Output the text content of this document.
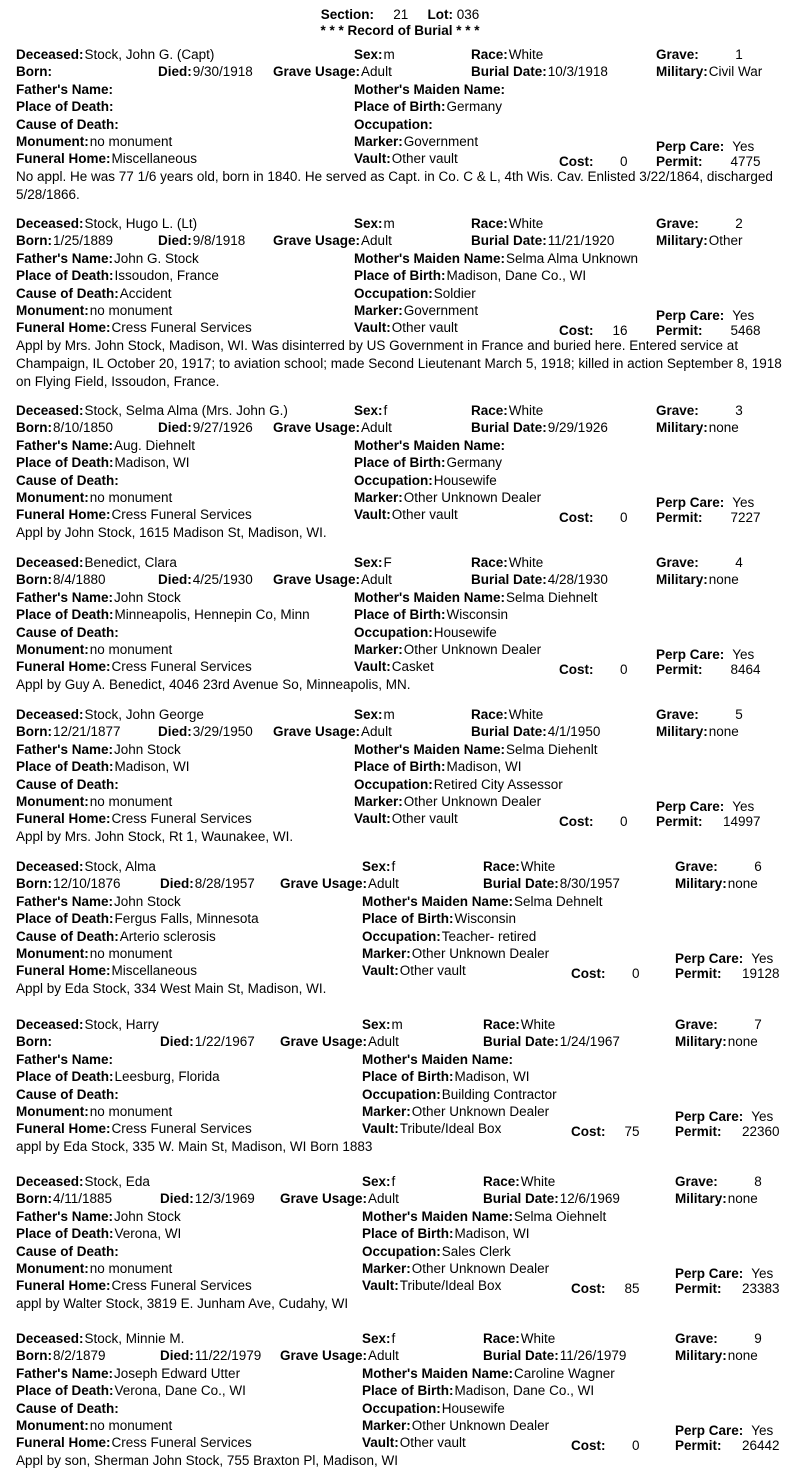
Section: 21 Lot: 036
* * * Record of Burial * * *
Deceased:Stock, John G. (Capt)	Sex:m	Race:White	Grave:	1
Born:	Died:9/30/1918 Grave Usage:Adult	Burial Date:10/3/1918	Military:Civil War
Father's Name:	Mother's Maiden Name:
Place of Death:	Place of Birth:Germany
Cause of Death:	Occupation:
Monument:no monument	Marker:Government	Perp Care: Yes
Funeral Home:Miscellaneous	Vault:Other vault	Cost: 0 Permit: 4775
No appl. He was 77 1/6 years old, born in 1840. He served as Capt. in Co. C & L, 4th Wis. Cav. Enlisted 3/22/1864, discharged 5/28/1866.
Deceased:Stock, Hugo L. (Lt)	Sex:m	Race:White	Grave:	2
Born:1/25/1889	Died:9/8/1918 Grave Usage:Adult	Burial Date:11/21/1920	Military:Other
Father's Name:John G. Stock	Mother's Maiden Name:Selma Alma Unknown
Place of Death:Issoudon, France	Place of Birth:Madison, Dane Co., WI
Cause of Death:Accident	Occupation:Soldier
Monument:no monument	Marker:Government	Perp Care: Yes
Funeral Home:Cress Funeral Services	Vault:Other vault	Cost: 16 Permit: 5468
Appl by Mrs. John Stock, Madison, WI. Was disinterred by US Government in France and buried here. Entered service at Champaign, IL October 20, 1917; to aviation school; made Second Lieutenant March 5, 1918; killed in action September 8, 1918 on Flying Field, Issoudon, France.
Deceased:Stock, Selma Alma (Mrs. John G.)	Sex:f	Race:White	Grave:	3
Born:8/10/1850	Died:9/27/1926 Grave Usage:Adult	Burial Date:9/29/1926	Military:none
Father's Name:Aug. Diehnelt	Mother's Maiden Name:
Place of Death:Madison, WI	Place of Birth:Germany
Cause of Death:	Occupation:Housewife
Monument:no monument	Marker:Other Unknown Dealer	Perp Care: Yes
Funeral Home:Cress Funeral Services	Vault:Other vault	Cost: 0 Permit: 7227
Appl by John Stock, 1615 Madison St, Madison, WI.
Deceased:Benedict, Clara	Sex:F	Race:White	Grave:	4
Born:8/4/1880	Died:4/25/1930 Grave Usage:Adult	Burial Date:4/28/1930	Military:none
Father's Name:John Stock	Mother's Maiden Name:Selma Diehnelt
Place of Death:Minneapolis, Hennepin Co, Minn	Place of Birth:Wisconsin
Cause of Death:	Occupation:Housewife
Monument:no monument	Marker:Other Unknown Dealer	Perp Care: Yes
Funeral Home:Cress Funeral Services	Vault:Casket	Cost: 0 Permit: 8464
Appl by Guy A. Benedict, 4046 23rd Avenue So, Minneapolis, MN.
Deceased:Stock, John George	Sex:m	Race:White	Grave:	5
Born:12/21/1877	Died:3/29/1950 Grave Usage:Adult	Burial Date:4/1/1950	Military:none
Father's Name:John Stock	Mother's Maiden Name:Selma Diehenlt
Place of Death:Madison, WI	Place of Birth:Madison, WI
Cause of Death:	Occupation:Retired City Assessor
Monument:no monument	Marker:Other Unknown Dealer	Perp Care: Yes
Funeral Home:Cress Funeral Services	Vault:Other vault	Cost: 0 Permit: 14997
Appl by Mrs. John Stock, Rt 1, Waunakee, WI.
Deceased:Stock, Alma	Sex:f	Race:White	Grave:	6
Born:12/10/1876	Died:8/28/1957 Grave Usage:Adult	Burial Date:8/30/1957	Military:none
Father's Name:John Stock	Mother's Maiden Name:Selma Dehnelt
Place of Death:Fergus Falls, Minnesota	Place of Birth:Wisconsin
Cause of Death:Arterio sclerosis	Occupation:Teacher- retired
Monument:no monument	Marker:Other Unknown Dealer	Perp Care: Yes
Funeral Home:Miscellaneous	Vault:Other vault	Cost: 0	Permit: 19128
Appl by Eda Stock, 334 West Main St, Madison, WI.
Deceased:Stock, Harry	Sex:m	Race:White	Grave:	7
Born:	Died:1/22/1967 Grave Usage:Adult	Burial Date:1/24/1967	Military:none
Father's Name:	Mother's Maiden Name:
Place of Death:Leesburg, Florida	Place of Birth:Madison, WI
Cause of Death:	Occupation:Building Contractor
Monument:no monument	Marker:Other Unknown Dealer	Perp Care: Yes
Funeral Home:Cress Funeral Services	Vault:Tribute/Ideal Box	Cost: 75	Permit: 22360
appl by Eda Stock, 335 W. Main St, Madison, WI Born 1883
Deceased:Stock, Eda	Sex:f	Race:White	Grave:	8
Born:4/11/1885	Died:12/3/1969 Grave Usage:Adult	Burial Date:12/6/1969	Military:none
Father's Name:John Stock	Mother's Maiden Name:Selma Oiehnelt
Place of Death:Verona, WI	Place of Birth:Madison, WI
Cause of Death:	Occupation:Sales Clerk
Monument:no monument	Marker:Other Unknown Dealer	Perp Care: Yes
Funeral Home:Cress Funeral Services	Vault:Tribute/Ideal Box	Cost: 85	Permit: 23383
appl by Walter Stock, 3819 E. Junham Ave, Cudahy, WI
Deceased:Stock, Minnie M.	Sex:f	Race:White	Grave:	9
Born:8/2/1879	Died:11/22/1979 Grave Usage:Adult	Burial Date:11/26/1979	Military:none
Father's Name:Joseph Edward Utter	Mother's Maiden Name:Caroline Wagner
Place of Death:Verona, Dane Co., WI	Place of Birth:Madison, Dane Co., WI
Cause of Death:	Occupation:Housewife
Monument:no monument	Marker:Other Unknown Dealer	Perp Care: Yes
Funeral Home:Cress Funeral Services	Vault:Other vault	Cost: 0	Permit: 26442
Appl by son, Sherman John Stock, 755 Braxton Pl, Madison, WI
